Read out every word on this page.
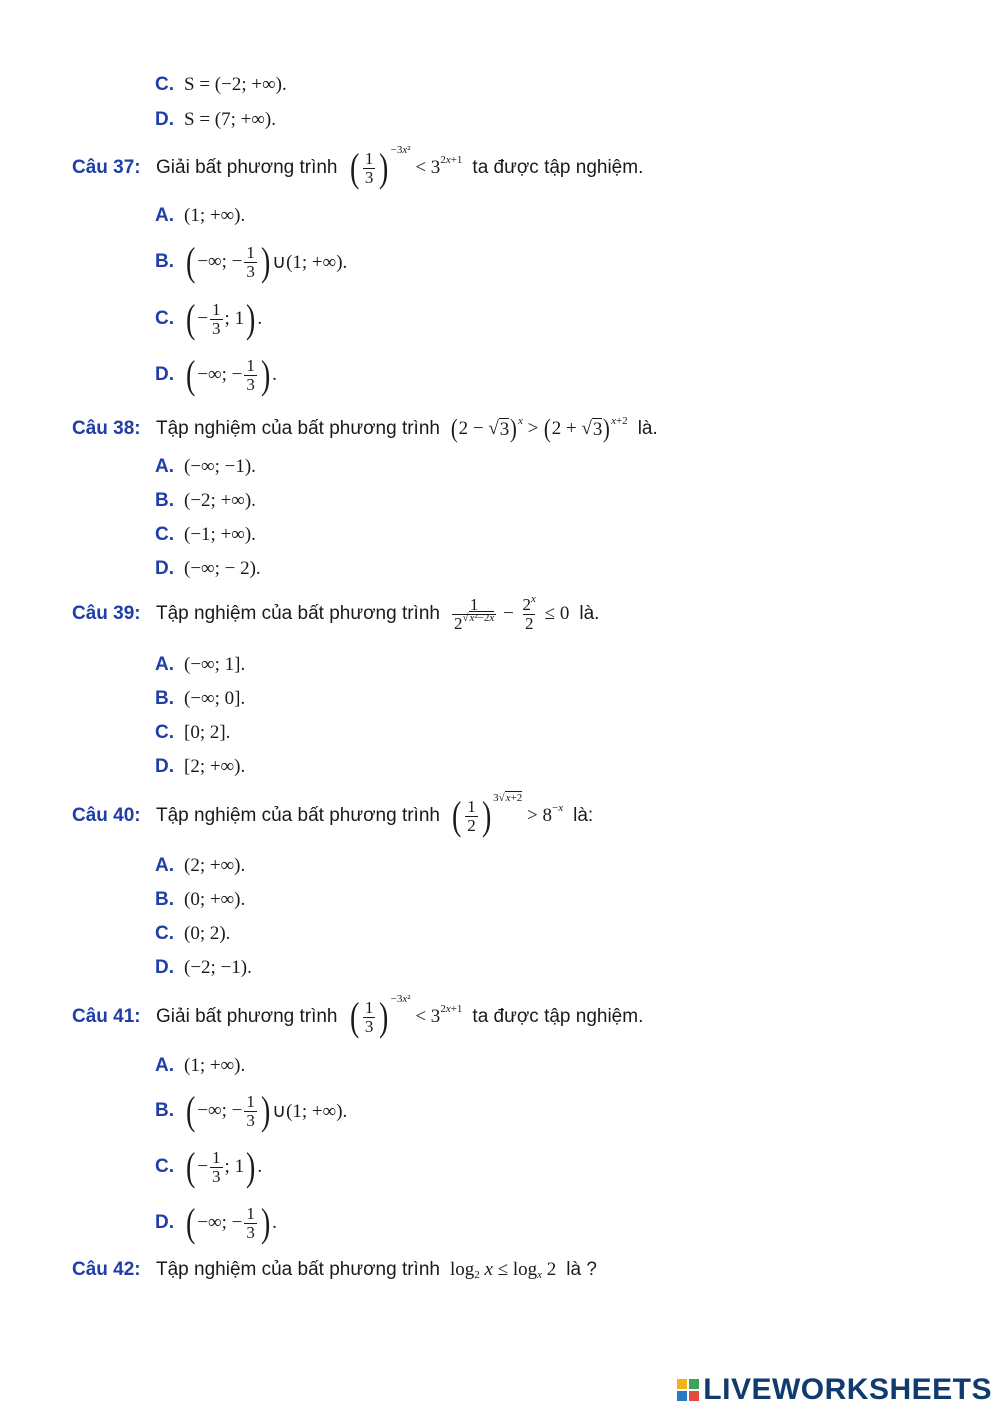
C. S = (−2; +∞).
D. S = (7; +∞).
Câu 37: Giải bất phương trình ( $\frac{1}{3}$ ) −3x²
< $3^{2x+1}$ ta được tập nghiệm.
A. (1; +∞).
B. ( −∞; − $\frac{1}{3}$ ) ∪(1; +∞).
C. ( − $\frac{1}{3}$ ; 1 ) .
D. ( −∞; − $\frac{1}{3}$ ) .
Câu 38: Tập nghiệm của bất phương trình ( 2 − √ 3 ) $^x$ > ( 2 + √ 3 ) $^{x+2}$ là.
A. (−∞; −1).
B. (−2; +∞).
C. (−1; +∞).
D. (−∞; − 2).
Câu 39: Tập nghiệm của bất phương trình $\frac{1}{2^{√x^2-2x}} - \frac{2^x}{2} \le 0$ là.
A. (−∞; 1].
B. (−∞; 0].
C. [0; 2].
D. [2; +∞).
Câu 40: Tập nghiệm của bất phương trình ( $\frac{1}{2}$ ) 3√x+2
> $8^{-x}$ là:
A. (2; +∞).
B. (0; +∞).
C. (0; 2).
D. (−2; −1).
Câu 41: Giải bất phương trình ( $\frac{1}{3}$ ) −3x²
< $3^{2x+1}$ ta được tập nghiệm.
A. (1; +∞).
B. ( −∞; − $\frac{1}{3}$ ) ∪(1; +∞).
C. ( − $\frac{1}{3}$ ; 1 ) .
D. ( −∞; − $\frac{1}{3}$ ) .
Câu 42: Tập nghiệm của bất phương trình $\log_2$
x ≤ log $_x$ 2 là ?
LIVEWORKSHEETS
